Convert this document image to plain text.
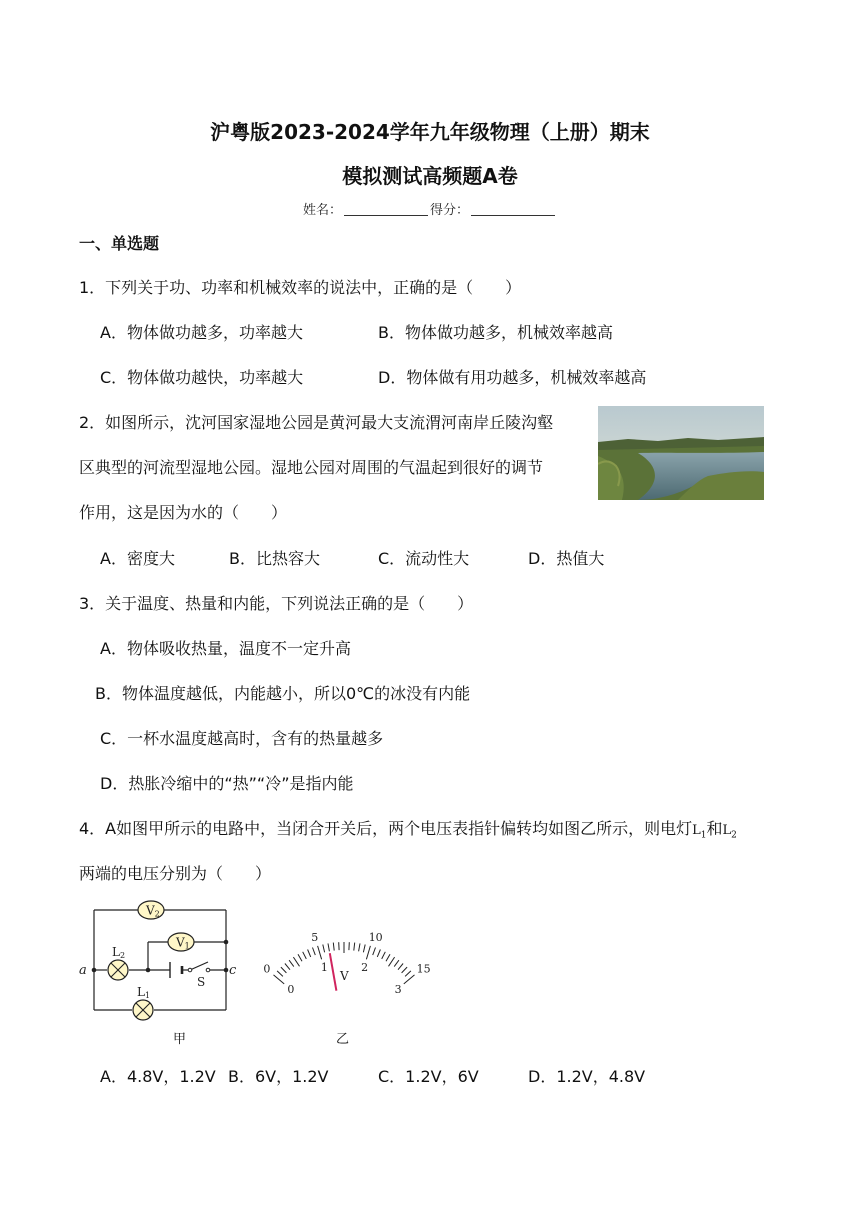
沪粤版2023-2024学年九年级物理（上册）期末
模拟测试高频题A卷
姓名：	得分：
一、单选题
1．下列关于功、功率和机械效率的说法中，正确的是（　　）
A．物体做功越多，功率越大	B．物体做功越多，机械效率越高
C．物体做功越快，功率越大	D．物体做有用功越多，机械效率越高
2．如图所示，沈河国家湿地公园是黄河最大支流渭河南岸丘陵沟壑
区典型的河流型湿地公园。湿地公园对周围的气温起到很好的调节
作用，这是因为水的（　　）
A．密度大	B．比热容大	C．流动性大	D．热值大
3．关于温度、热量和内能，下列说法正确的是（　　）
A．物体吸收热量，温度不一定升高
B．物体温度越低，内能越小，所以0℃的冰没有内能
C．一杯水温度越高时，含有的热量越多
D．热胀冷缩中的“热”“冷”是指内能
4．A如图甲所示的电路中，当闭合开关后，两个电压表指针偏转均如图乙所示，则电灯$L_1$和$L_2$
两端的电压分别为（　　）
V2
V1
L2
L1
S
a	c
甲
0
5	10
15
0
1	2
3
V
乙
A．4.8V，1.2V B．6V，1.2V	C．1.2V，6V	D．1.2V，4.8V
